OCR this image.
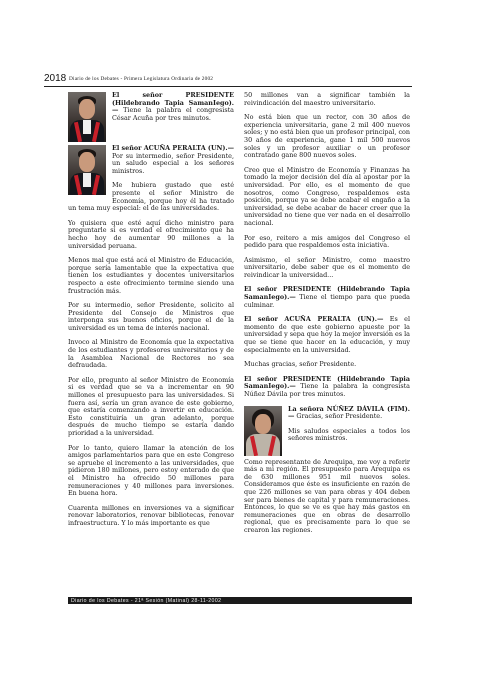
2018 Diario de los Debates - Primera Legislatura Ordinaria de 2002

El señor PRESIDENTE (Hildebrando Tapia SamanIego).— Tiene la palabra el congresista César Acuña por tres minutos.

El señor ACUÑA PERALTA (UN).— Por su intermedio, señor Presidente, un saludo especial a los señores ministros.

Me hubiera gustado que esté presente el señor Ministro de Economía, porque hoy él ha tratado un tema muy especial: el de las universidades.

Yo quisiera que esté aquí dicho ministro para preguntarle si es verdad el ofrecimiento que ha hecho hoy de aumentar 90 millones a la universidad peruana.

Menos mal que está acá el Ministro de Educación, porque sería lamentable que la expectativa que tienen los estudiantes y docentes universitarios respecto a este ofrecimiento termine siendo una frustración más.

Por su intermedio, señor Presidente, solicito al Presidente del Consejo de Ministros que interponga sus buenos oficios, porque el de la universidad es un tema de interés nacional.

Invoco al Ministro de Economía que la expectativa de los estudiantes y profesores universitarios y de la Asamblea Nacional de Rectores no sea defraudada.

Por ello, pregunto al señor Ministro de Economía si es verdad que se va a incrementar en 90 millones el presupuesto para las universidades. Si fuera así, sería un gran avance de este gobierno, que estaría comenzando a invertir en educación. Esto constituiría un gran adelanto, porque después de mucho tiempo se estaría dando prioridad a la universidad.

Por lo tanto, quiero llamar la atención de los amigos parlamentarios para que en este Congreso se apruebe el incremento a las universidades, que pidieron 180 millones, pero estoy enterado de que el Ministro ha ofrecido 50 millones para remuneraciones y 40 millones para inversiones. En buena hora.

Cuarenta millones en inversiones va a significar renovar laboratorios, renovar bibliotecas, renovar infraestructura. Y lo más importante es que

50 millones van a significar también la reivindicación del maestro universitario.

No está bien que un rector, con 30 años de experiencia universitaria, gane 2 mil 400 nuevos soles; y no está bien que un profesor principal, con 30 años de experiencia, gane 1 mil 500 nuevos soles y un profesor auxiliar o un profesor contratado gane 800 nuevos soles.

Creo que el Ministro de Economía y Finanzas ha tomado la mejor decisión del día al apostar por la universidad. Por ello, es el momento de que nosotros, como Congreso, respaldemos esta posición, porque ya se debe acabar el engaño a la universidad, se debe acabar de hacer creer que la universidad no tiene que ver nada en el desarrollo nacional.

Por eso, reitero a mis amigos del Congreso el pedido para que respaldemos esta iniciativa.

Asimismo, el señor Ministro, como maestro universitario, debe saber que es el momento de reivindicar la universidad...

El señor PRESIDENTE (Hildebrando Tapia SamanIego).— Tiene el tiempo para que pueda culminar.

El señor ACUÑA PERALTA (UN).— Es el momento de que este gobierno apueste por la universidad y sepa que hoy la mejor inversión es la que se tiene que hacer en la educación, y muy especialmente en la universidad.

Muchas gracias, señor Presidente.

El señor PRESIDENTE (Hildebrando Tapia SamanIego).— Tiene la palabra la congresista Núñez Dávila por tres minutos.

La señora NÚÑEZ DÁVILA (FIM).— Gracias, señor Presidente.

Mis saludos especiales a todos los señores ministros.

Como representante de Arequipa, me voy a referir más a mi región. El presupuesto para Arequipa es de 630 millones 951 mil nuevos soles. Consideramos que éste es insuficiente en razón de que 226 millones se van para obras y 404 deben ser para bienes de capital y para remuneraciones. Entonces, lo que se ve es que hay más gastos en remuneraciones que en obras de desarrollo regional, que es precisamente para lo que se crearon las regiones.

Diario de los Debates - 21ª Sesión (Matinal) 28-11-2002
